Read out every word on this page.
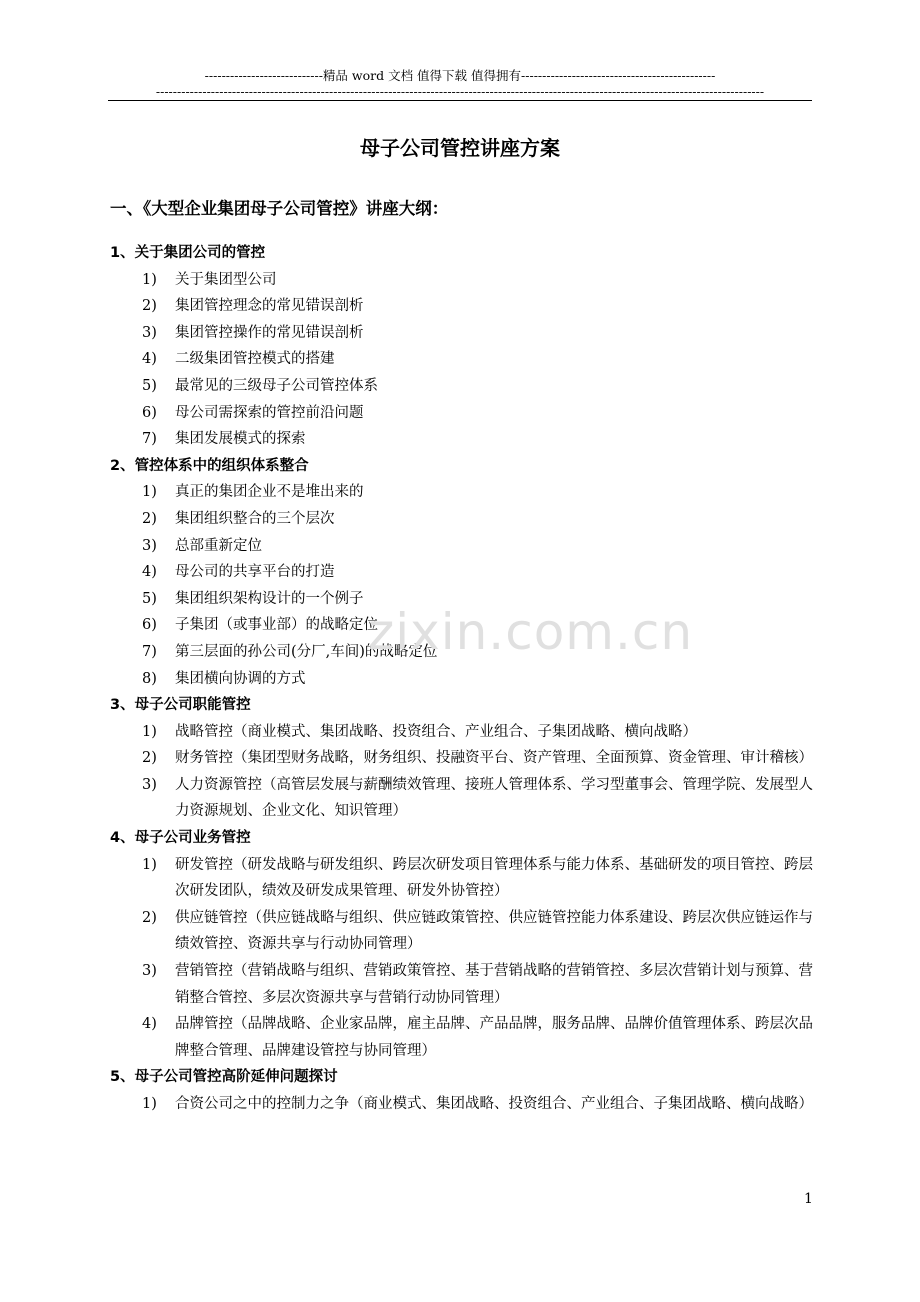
----------------------------精品 word 文档 值得下载 值得拥有----------------------------------------------
------------------------------------------------------------------------------------------------------------------------------------------------
母子公司管控讲座方案
一、《大型企业集团母子公司管控》讲座大纲：
1、关于集团公司的管控
1) 关于集团型公司
2) 集团管控理念的常见错误剖析
3) 集团管控操作的常见错误剖析
4) 二级集团管控模式的搭建
5) 最常见的三级母子公司管控体系
6) 母公司需探索的管控前沿问题
7) 集团发展模式的探索
2、管控体系中的组织体系整合
1) 真正的集团企业不是堆出来的
2) 集团组织整合的三个层次
3) 总部重新定位
4) 母公司的共享平台的打造
5) 集团组织架构设计的一个例子
6) 子集团（或事业部）的战略定位
7) 第三层面的孙公司(分厂,车间)的战略定位
8) 集团横向协调的方式
3、母子公司职能管控
1) 战略管控（商业模式、集团战略、投资组合、产业组合、子集团战略、横向战略）
2) 财务管控（集团型财务战略，财务组织、投融资平台、资产管理、全面预算、资金管理、审计稽核）
3) 人力资源管控（高管层发展与薪酬绩效管理、接班人管理体系、学习型董事会、管理学院、发展型人力资源规划、企业文化、知识管理）
4、母子公司业务管控
1) 研发管控（研发战略与研发组织、跨层次研发项目管理体系与能力体系、基础研发的项目管控、跨层次研发团队，绩效及研发成果管理、研发外协管控）
2) 供应链管控（供应链战略与组织、供应链政策管控、供应链管控能力体系建设、跨层次供应链运作与绩效管控、资源共享与行动协同管理）
3) 营销管控（营销战略与组织、营销政策管控、基于营销战略的营销管控、多层次营销计划与预算、营销整合管控、多层次资源共享与营销行动协同管理）
4) 品牌管控（品牌战略、企业家品牌，雇主品牌、产品品牌，服务品牌、品牌价值管理体系、跨层次品牌整合管理、品牌建设管控与协同管理）
5、母子公司管控高阶延伸问题探讨
1) 合资公司之中的控制力之争（商业模式、集团战略、投资组合、产业组合、子集团战略、横向战略）
zixin.com.cn
1
